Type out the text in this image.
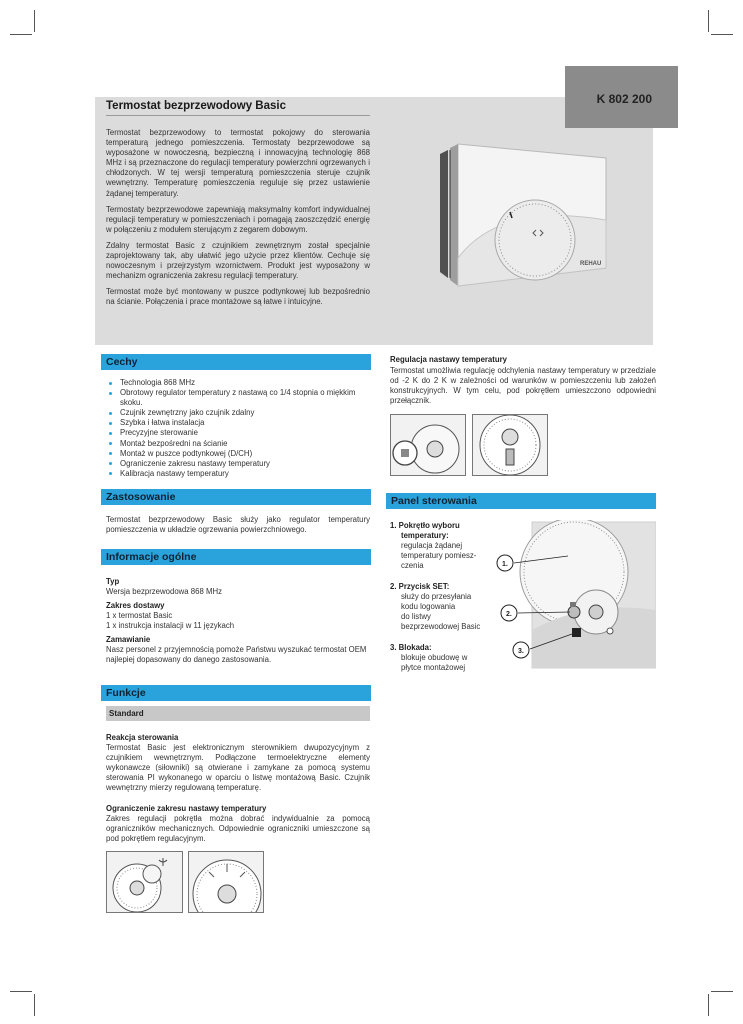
K 802 200
Termostat bezprzewodowy Basic

Termostat bezprzewodowy to termostat pokojowy do sterowania temperaturą jednego pomieszczenia. Termostaty bezprzewodowe są wyposażone w nowoczesną, bezpieczną i innowacyjną technologię 868 MHz i są przeznaczone do regulacji temperatury powierzchni ogrzewanych i chłodzonych. W tej wersji temperaturą pomieszczenia steruje czujnik wewnętrzny. Temperaturę pomieszczenia reguluje się przez ustawienie żądanej temperatury.

Termostaty bezprzewodowe zapewniają maksymalny komfort indywidualnej regulacji temperatury w pomieszczeniach i pomagają zaoszczędzić energię w połączeniu z modułem sterującym z zegarem dobowym.

Zdalny termostat Basic z czujnikiem zewnętrznym został specjalnie zaprojektowany tak, aby ułatwić jego użycie przez klientów. Cechuje się nowoczesnym i przejrzystym wzornictwem. Produkt jest wyposażony w mechanizm ograniczenia zakresu regulacji temperatury.

Termostat może być montowany w puszce podtynkowej lub bezpośrednio na ścianie. Połączenia i prace montażowe są łatwe i intuicyjne.

REHAU
Cechy
Technologia 868 MHz
Obrotowy regulator temperatury z nastawą co 1/4 stopnia o miękkim skoku.
Czujnik zewnętrzny jako czujnik zdalny
Szybka i łatwa instalacja
Precyzyjne sterowanie
Montaż bezpośredni na ścianie
Montaż w puszce podtynkowej (D/CH)
Ograniczenie zakresu nastawy temperatury
Kalibracja nastawy temperatury
Zastosowanie
Termostat bezprzewodowy Basic służy jako regulator temperatury pomieszczenia w układzie ogrzewania powierzchniowego.
Informacje ogólne
Typ
Wersja bezprzewodowa 868 MHz
Zakres dostawy
1 x termostat Basic
1 x instrukcja instalacji w 11 językach
Zamawianie
Nasz personel z przyjemnością pomoże Państwu wyszukać termostat OEM najlepiej dopasowany do danego zastosowania.
Funkcje
Standard
Reakcja sterowania
Termostat Basic jest elektronicznym sterownikiem dwupozycyjnym z czujnikiem wewnętrznym. Podłączone termoelektryczne elementy wykonawcze (siłowniki) są otwierane i zamykane za pomocą systemu sterowania PI wykonanego w oparciu o listwę montażową Basic. Czujnik wewnętrzny mierzy regulowaną temperaturę.
Ograniczenie zakresu nastawy temperatury
Zakres regulacji pokrętła można dobrać indywidualnie za pomocą ograniczników mechanicznych. Odpowiednie ograniczniki umieszczone są pod pokrętłem regulacyjnym.
Regulacja nastawy temperatury
Termostat umożliwia regulację odchylenia nastawy temperatury w przedziale od -2 K do 2 K w zależności od warunków w pomieszczeniu lub założeń konstrukcyjnych. W tym celu, pod pokrętłem umieszczono odpowiedni przełącznik.
Panel sterowania
1. Pokrętło wyboru
temperatury:
regulacja żądanej
temperatury pomiesz-
czenia
2. Przycisk SET:
służy do przesyłania
kodu logowania
do listwy
bezprzewodowej Basic
3. Blokada:
blokuje obudowę w
płytce montażowej
1.
2.
3.
